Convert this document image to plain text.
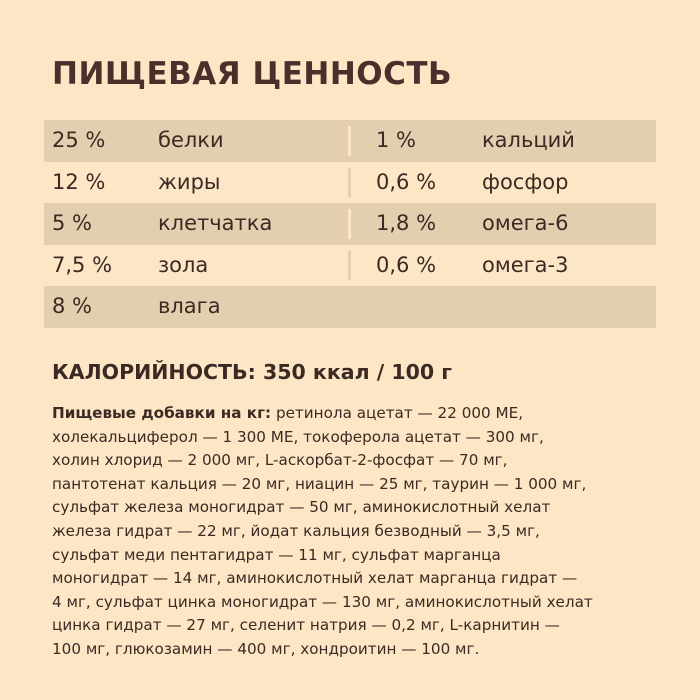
ПИЩЕВАЯ ЦЕННОСТЬ
25 %	белки	1 %	кальций
12 %	жиры	0,6 % фосфор
5 %	клетчатка	1,8 % омега-6
7,5 % зола	0,6 % омега-3
8 %	влага
КАЛОРИЙНОСТЬ: 350 ккал / 100 г
Пищевые добавки на кг: ретинола ацетат — 22 000 МЕ,
холекальциферол — 1 300 МЕ, токоферола ацетат — 300 мг,
холин хлорид — 2 000 мг, L-аскорбат-2-фосфат — 70 мг,
пантотенат кальция — 20 мг, ниацин — 25 мг, таурин — 1 000 мг,
сульфат железа моногидрат — 50 мг, аминокислотный хелат
железа гидрат — 22 мг, йодат кальция безводный — 3,5 мг,
сульфат меди пентагидрат — 11 мг, сульфат марганца
моногидрат — 14 мг, аминокислотный хелат марганца гидрат —
4 мг, сульфат цинка моногидрат — 130 мг, аминокислотный хелат
цинка гидрат — 27 мг, селенит натрия — 0,2 мг, L-карнитин —
100 мг, глюкозамин — 400 мг, хондроитин — 100 мг.
